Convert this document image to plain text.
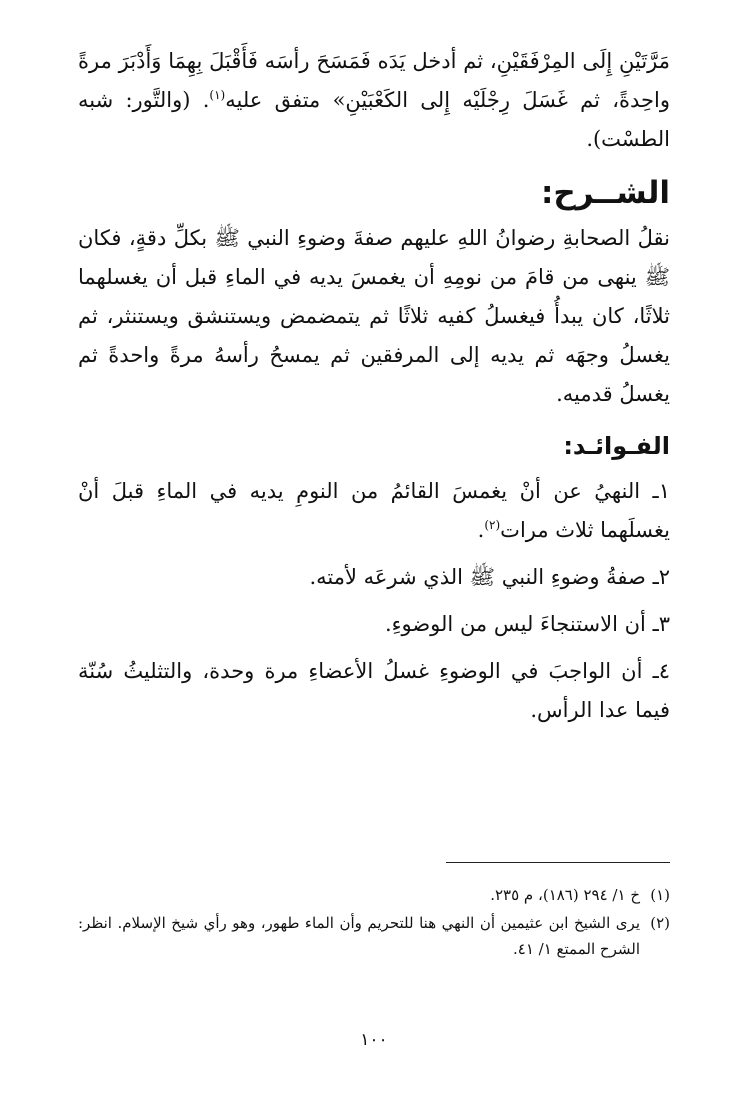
مَرَّتَيْنِ إِلَى المِرْفَقَيْنِ، ثم أدخل يَدَه فَمَسَحَ رأسَه فَأَقْبَلَ بِهِمَا وَأَدْبَرَ مرةً واحِدةً، ثم غَسَلَ رِجْلَيْه إِلى الكَعْبَيْنِ» متفق عليه$^{(١)}$. (والتَّور: شبه الطسْت).

الشــرح:

نقلُ الصحابةِ رضوانُ اللهِ عليهم صفةَ وضوءِ النبي ﷺ بكلِّ دقةٍ، فكان ﷺ ينهى من قامَ من نومِهِ أن يغمسَ يديه في الماءِ قبل أن يغسلهما ثلاثًا، كان يبدأُ فيغسلُ كفيه ثلاثًا ثم يتمضمض ويستنشق ويستنثر، ثم يغسلُ وجهَه ثم يديه إلى المرفقين ثم يمسحُ رأسهُ مرةً واحدةً ثم يغسلُ قدميه.

الفـوائـد:
١ـ النهيُ عن أنْ يغمسَ القائمُ من النومِ يديه في الماءِ قبلَ أنْ يغسلَهما ثلاث مرات$^{(٢)}$.
٢ـ صفةُ وضوءِ النبي ﷺ الذي شرعَه لأمته.
٣ـ أن الاستنجاءَ ليس من الوضوءِ.
٤ـ أن الواجبَ في الوضوءِ غسلُ الأعضاءِ مرة وحدة، والتثليثُ سُنّة فيما عدا الرأس.
(١)
خ ١/ ٢٩٤ (١٨٦)، م ٢٣٥.
(٢)
يرى الشيخ ابن عثيمين أن النهي هنا للتحريم وأن الماء طهور، وهو رأي شيخ الإسلام. انظر: الشرح الممتع ١/ ٤١.
١٠٠
